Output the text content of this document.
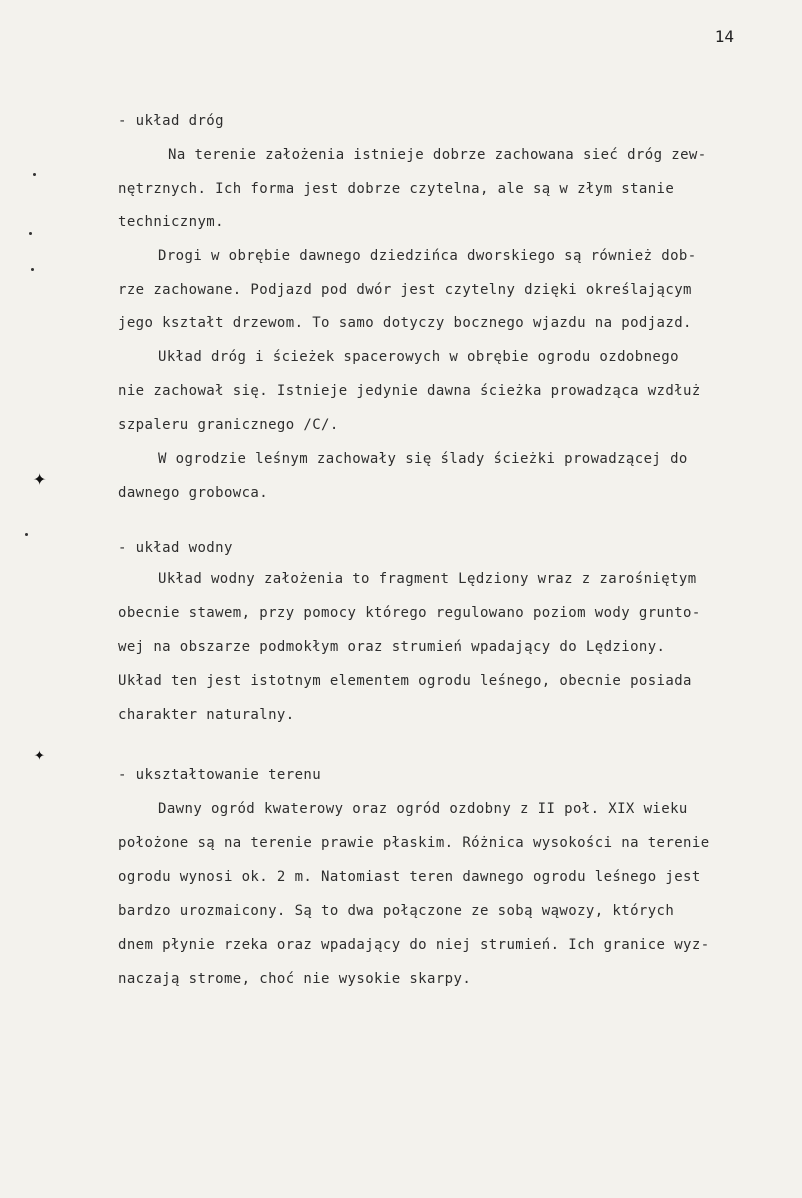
14
✦
✦
- układ dróg
Na terenie założenia istnieje dobrze zachowana sieć dróg zew-
nętrznych. Ich forma jest dobrze czytelna, ale są w złym stanie
technicznym.
Drogi w obrębie dawnego dziedzińca dworskiego są również dob-
rze zachowane. Podjazd pod dwór jest czytelny dzięki określającym
jego kształt drzewom. To samo dotyczy bocznego wjazdu na podjazd.
Układ dróg i ścieżek spacerowych w obrębie ogrodu ozdobnego
nie zachował się. Istnieje jedynie dawna ścieżka prowadząca wzdłuż
szpaleru granicznego /C/.
W ogrodzie leśnym zachowały się ślady ścieżki prowadzącej do
dawnego grobowca.
- układ wodny
Układ wodny założenia to fragment Lędziony wraz z zarośniętym
obecnie stawem, przy pomocy którego regulowano poziom wody grunto-
wej na obszarze podmokłym oraz strumień wpadający do Lędziony.
Układ ten jest istotnym elementem ogrodu leśnego, obecnie posiada
charakter naturalny.
- ukształtowanie terenu
Dawny ogród kwaterowy oraz ogród ozdobny z II poł. XIX wieku
położone są na terenie prawie płaskim. Różnica wysokości na terenie
ogrodu wynosi ok. 2 m. Natomiast teren dawnego ogrodu leśnego jest
bardzo urozmaicony. Są to dwa połączone ze sobą wąwozy, których
dnem płynie rzeka oraz wpadający do niej strumień. Ich granice wyz-
naczają strome, choć nie wysokie skarpy.
